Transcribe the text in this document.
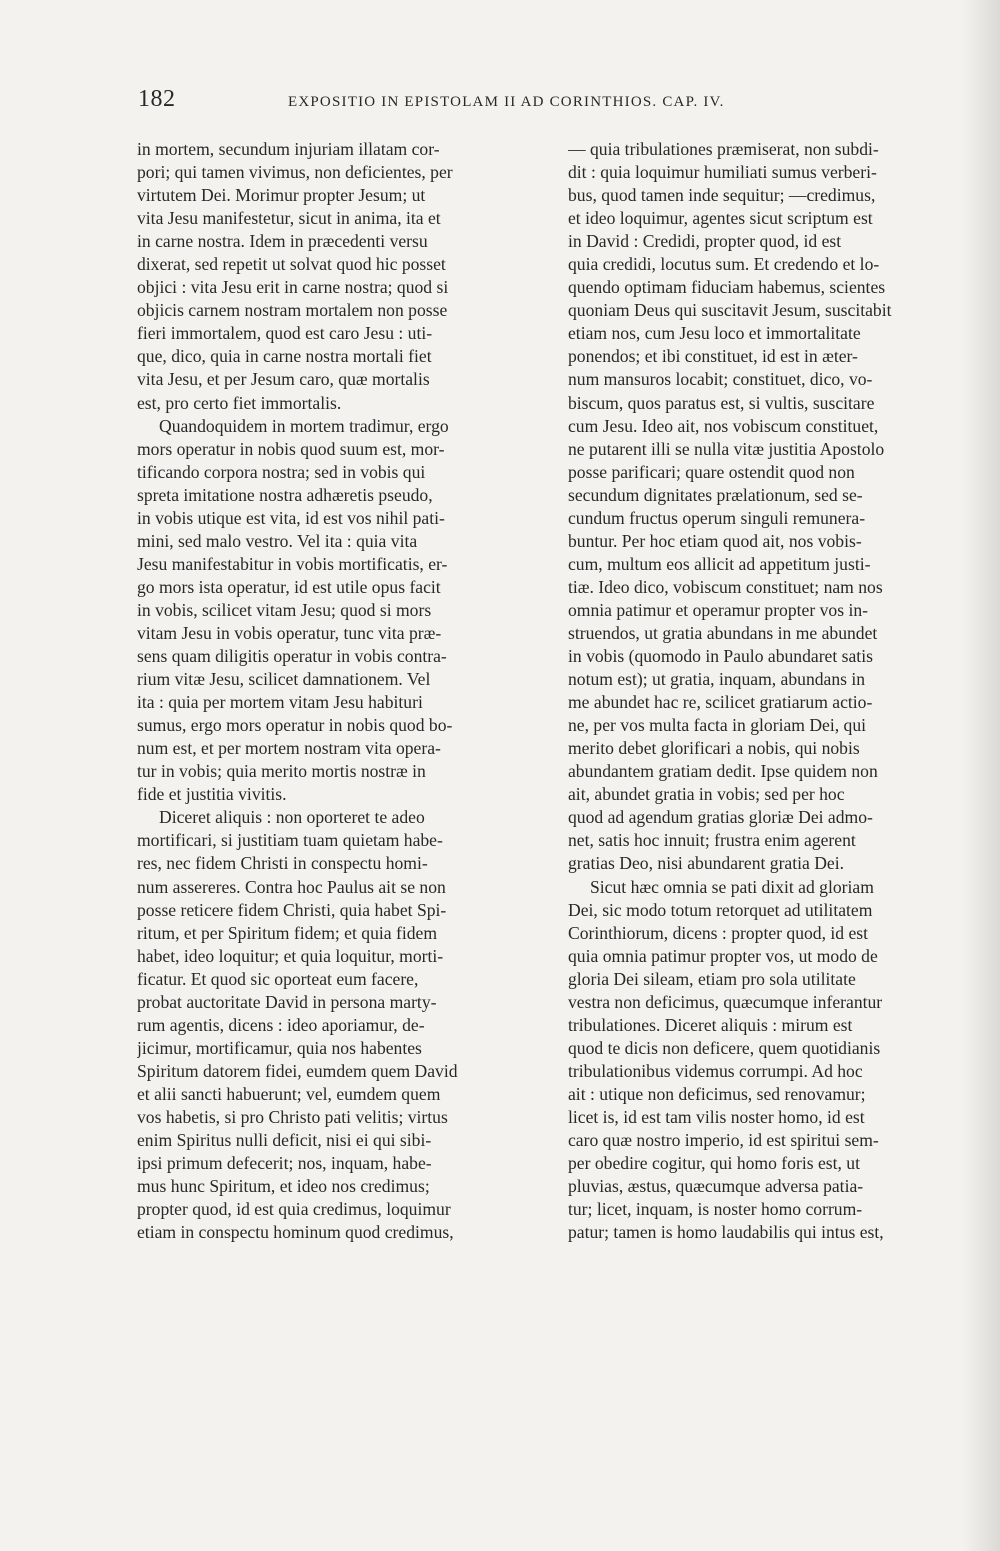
182	EXPOSITIO IN EPISTOLAM II AD CORINTHIOS. CAP. IV.
in mortem, secundum injuriam illatam cor-
pori; qui tamen vivimus, non deficientes, per
virtutem Dei. Morimur propter Jesum; ut
vita Jesu manifestetur, sicut in anima, ita et
in carne nostra. Idem in præcedenti versu
dixerat, sed repetit ut solvat quod hic posset
objici : vita Jesu erit in carne nostra; quod si
objicis carnem nostram mortalem non posse
fieri immortalem, quod est caro Jesu : uti-
que, dico, quia in carne nostra mortali fiet
vita Jesu, et per Jesum caro, quæ mortalis
est, pro certo fiet immortalis.
Quandoquidem in mortem tradimur, ergo
mors operatur in nobis quod suum est, mor-
tificando corpora nostra; sed in vobis qui
spreta imitatione nostra adhæretis pseudo,
in vobis utique est vita, id est vos nihil pati-
mini, sed malo vestro. Vel ita : quia vita
Jesu manifestabitur in vobis mortificatis, er-
go mors ista operatur, id est utile opus facit
in vobis, scilicet vitam Jesu; quod si mors
vitam Jesu in vobis operatur, tunc vita præ-
sens quam diligitis operatur in vobis contra-
rium vitæ Jesu, scilicet damnationem. Vel
ita : quia per mortem vitam Jesu habituri
sumus, ergo mors operatur in nobis quod bo-
num est, et per mortem nostram vita opera-
tur in vobis; quia merito mortis nostræ in
fide et justitia vivitis.
Diceret aliquis : non oporteret te adeo
mortificari, si justitiam tuam quietam habe-
res, nec fidem Christi in conspectu homi-
num assereres. Contra hoc Paulus ait se non
posse reticere fidem Christi, quia habet Spi-
ritum, et per Spiritum fidem; et quia fidem
habet, ideo loquitur; et quia loquitur, morti-
ficatur. Et quod sic oporteat eum facere,
probat auctoritate David in persona marty-
rum agentis, dicens : ideo aporiamur, de-
jicimur, mortificamur, quia nos habentes
Spiritum datorem fidei, eumdem quem David
et alii sancti habuerunt; vel, eumdem quem
vos habetis, si pro Christo pati velitis; virtus
enim Spiritus nulli deficit, nisi ei qui sibi-
ipsi primum defecerit; nos, inquam, habe-
mus hunc Spiritum, et ideo nos credimus;
propter quod, id est quia credimus, loquimur
etiam in conspectu hominum quod credimus,
— quia tribulationes præmiserat, non subdi-
dit : quia loquimur humiliati sumus verberi-
bus, quod tamen inde sequitur; —credimus,
et ideo loquimur, agentes sicut scriptum est
in David : Credidi, propter quod, id est
quia credidi, locutus sum. Et credendo et lo-
quendo optimam fiduciam habemus, scientes
quoniam Deus qui suscitavit Jesum, suscitabit
etiam nos, cum Jesu loco et immortalitate
ponendos; et ibi constituet, id est in æter-
num mansuros locabit; constituet, dico, vo-
biscum, quos paratus est, si vultis, suscitare
cum Jesu. Ideo ait, nos vobiscum constituet,
ne putarent illi se nulla vitæ justitia Apostolo
posse parificari; quare ostendit quod non
secundum dignitates prælationum, sed se-
cundum fructus operum singuli remunera-
buntur. Per hoc etiam quod ait, nos vobis-
cum, multum eos allicit ad appetitum justi-
tiæ. Ideo dico, vobiscum constituet; nam nos
omnia patimur et operamur propter vos in-
struendos, ut gratia abundans in me abundet
in vobis (quomodo in Paulo abundaret satis
notum est); ut gratia, inquam, abundans in
me abundet hac re, scilicet gratiarum actio-
ne, per vos multa facta in gloriam Dei, qui
merito debet glorificari a nobis, qui nobis
abundantem gratiam dedit. Ipse quidem non
ait, abundet gratia in vobis; sed per hoc
quod ad agendum gratias gloriæ Dei admo-
net, satis hoc innuit; frustra enim agerent
gratias Deo, nisi abundarent gratia Dei.
Sicut hæc omnia se pati dixit ad gloriam
Dei, sic modo totum retorquet ad utilitatem
Corinthiorum, dicens : propter quod, id est
quia omnia patimur propter vos, ut modo de
gloria Dei sileam, etiam pro sola utilitate
vestra non deficimus, quæcumque inferantur
tribulationes. Diceret aliquis : mirum est
quod te dicis non deficere, quem quotidianis
tribulationibus videmus corrumpi. Ad hoc
ait : utique non deficimus, sed renovamur;
licet is, id est tam vilis noster homo, id est
caro quæ nostro imperio, id est spiritui sem-
per obedire cogitur, qui homo foris est, ut
pluvias, æstus, quæcumque adversa patia-
tur; licet, inquam, is noster homo corrum-
patur; tamen is homo laudabilis qui intus est,
